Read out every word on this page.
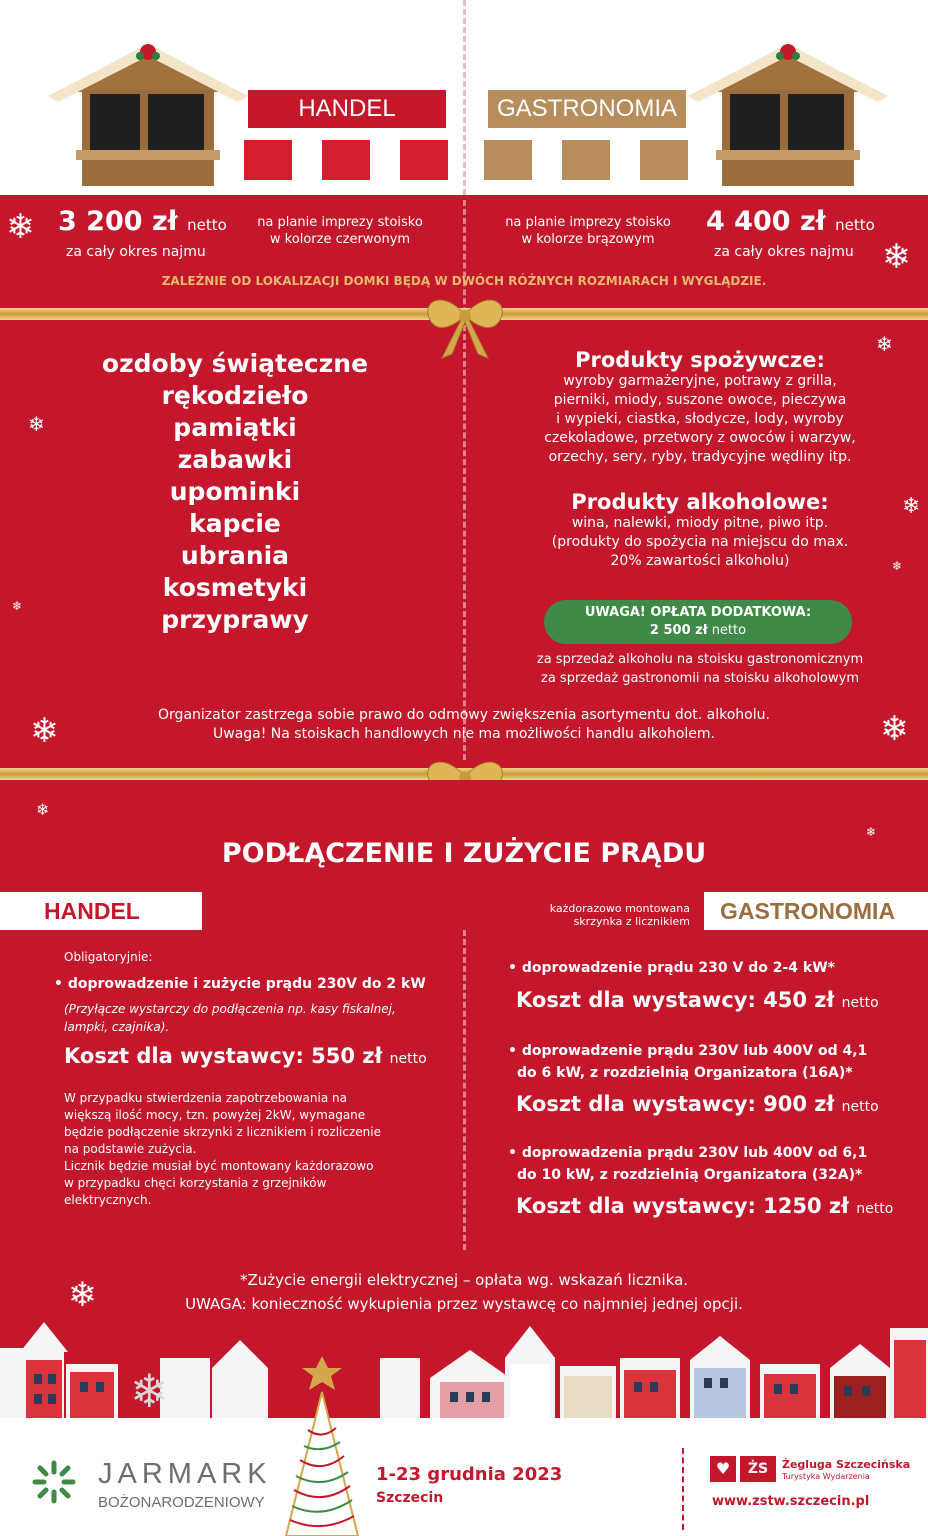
HANDEL	GASTRONOMIA
3 200 zł netto
za cały okres najmu
na planie imprezy stoisko
w kolorze czerwonym
na planie imprezy stoisko
w kolorze brązowym
4 400 zł netto
za cały okres najmu
ZALEŻNIE OD LOKALIZACJI DOMKI BĘDĄ W DWÓCH RÓŻNYCH ROZMIARACH I WYGLĄDZIE.
ozdoby świąteczne
rękodzieło
pamiątki
zabawki
upominki
kapcie
ubrania
kosmetyki
przyprawy
Produkty spożywcze:
wyroby garmażeryjne, potrawy z grilla,
pierniki, miody, suszone owoce, pieczywa
i wypieki, ciastka, słodycze, lody, wyroby
czekoladowe, przetwory z owoców i warzyw,
orzechy, sery, ryby, tradycyjne wędliny itp.
Produkty alkoholowe:
wina, nalewki, miody pitne, piwo itp.
(produkty do spożycia na miejscu do max.
20% zawartości alkoholu)
UWAGA! OPŁATA DODATKOWA:
2 500 zł netto
za sprzedaż alkoholu na stoisku gastronomicznym
za sprzedaż gastronomii na stoisku alkoholowym
Organizator zastrzega sobie prawo do odmowy zwiększenia asortymentu dot. alkoholu.
Uwaga! Na stoiskach handlowych nie ma możliwości handlu alkoholem.
PODŁĄCZENIE I ZUŻYCIE PRĄDU
HANDEL	GASTRONOMIA
każdorazowo montowana
skrzynka z licznikiem
Obligatoryjnie:
• doprowadzenie i zużycie prądu 230V do 2 kW
(Przyłącze wystarczy do podłączenia np. kasy fiskalnej,
lampki, czajnika).
Koszt dla wystawcy: 550 zł netto
W przypadku stwierdzenia zapotrzebowania na
większą ilość mocy, tzn. powyżej 2kW, wymagane
będzie podłączenie skrzynki z licznikiem i rozliczenie
na podstawie zużycia.
Licznik będzie musiał być montowany każdorazowo
w przypadku chęci korzystania z grzejników
elektrycznych.
• doprowadzenie prądu 230 V do 2-4 kW*
Koszt dla wystawcy: 450 zł netto
• doprowadzenie prądu 230V lub 400V od 4,1
do 6 kW, z rozdzielnią Organizatora (16A)*
Koszt dla wystawcy: 900 zł netto
• doprowadzenia prądu 230V lub 400V od 6,1
do 10 kW, z rozdzielnią Organizatora (32A)*
Koszt dla wystawcy: 1250 zł netto
*Zużycie energii elektrycznej – opłata wg. wskazań licznika.
UWAGA: konieczność wykupienia przez wystawcę co najmniej jednej opcji.
JARMARK
BOŻONARODZENIOWY
1-23 grudnia 2023
Szczecin
♥	ŻS	Żegluga Szczecińska
Turystyka Wydarzenia
www.zstw.szczecin.pl
❄
❄
❄
❄
❄
❄
❄
❄	❄
❄
❄
❄
❄
